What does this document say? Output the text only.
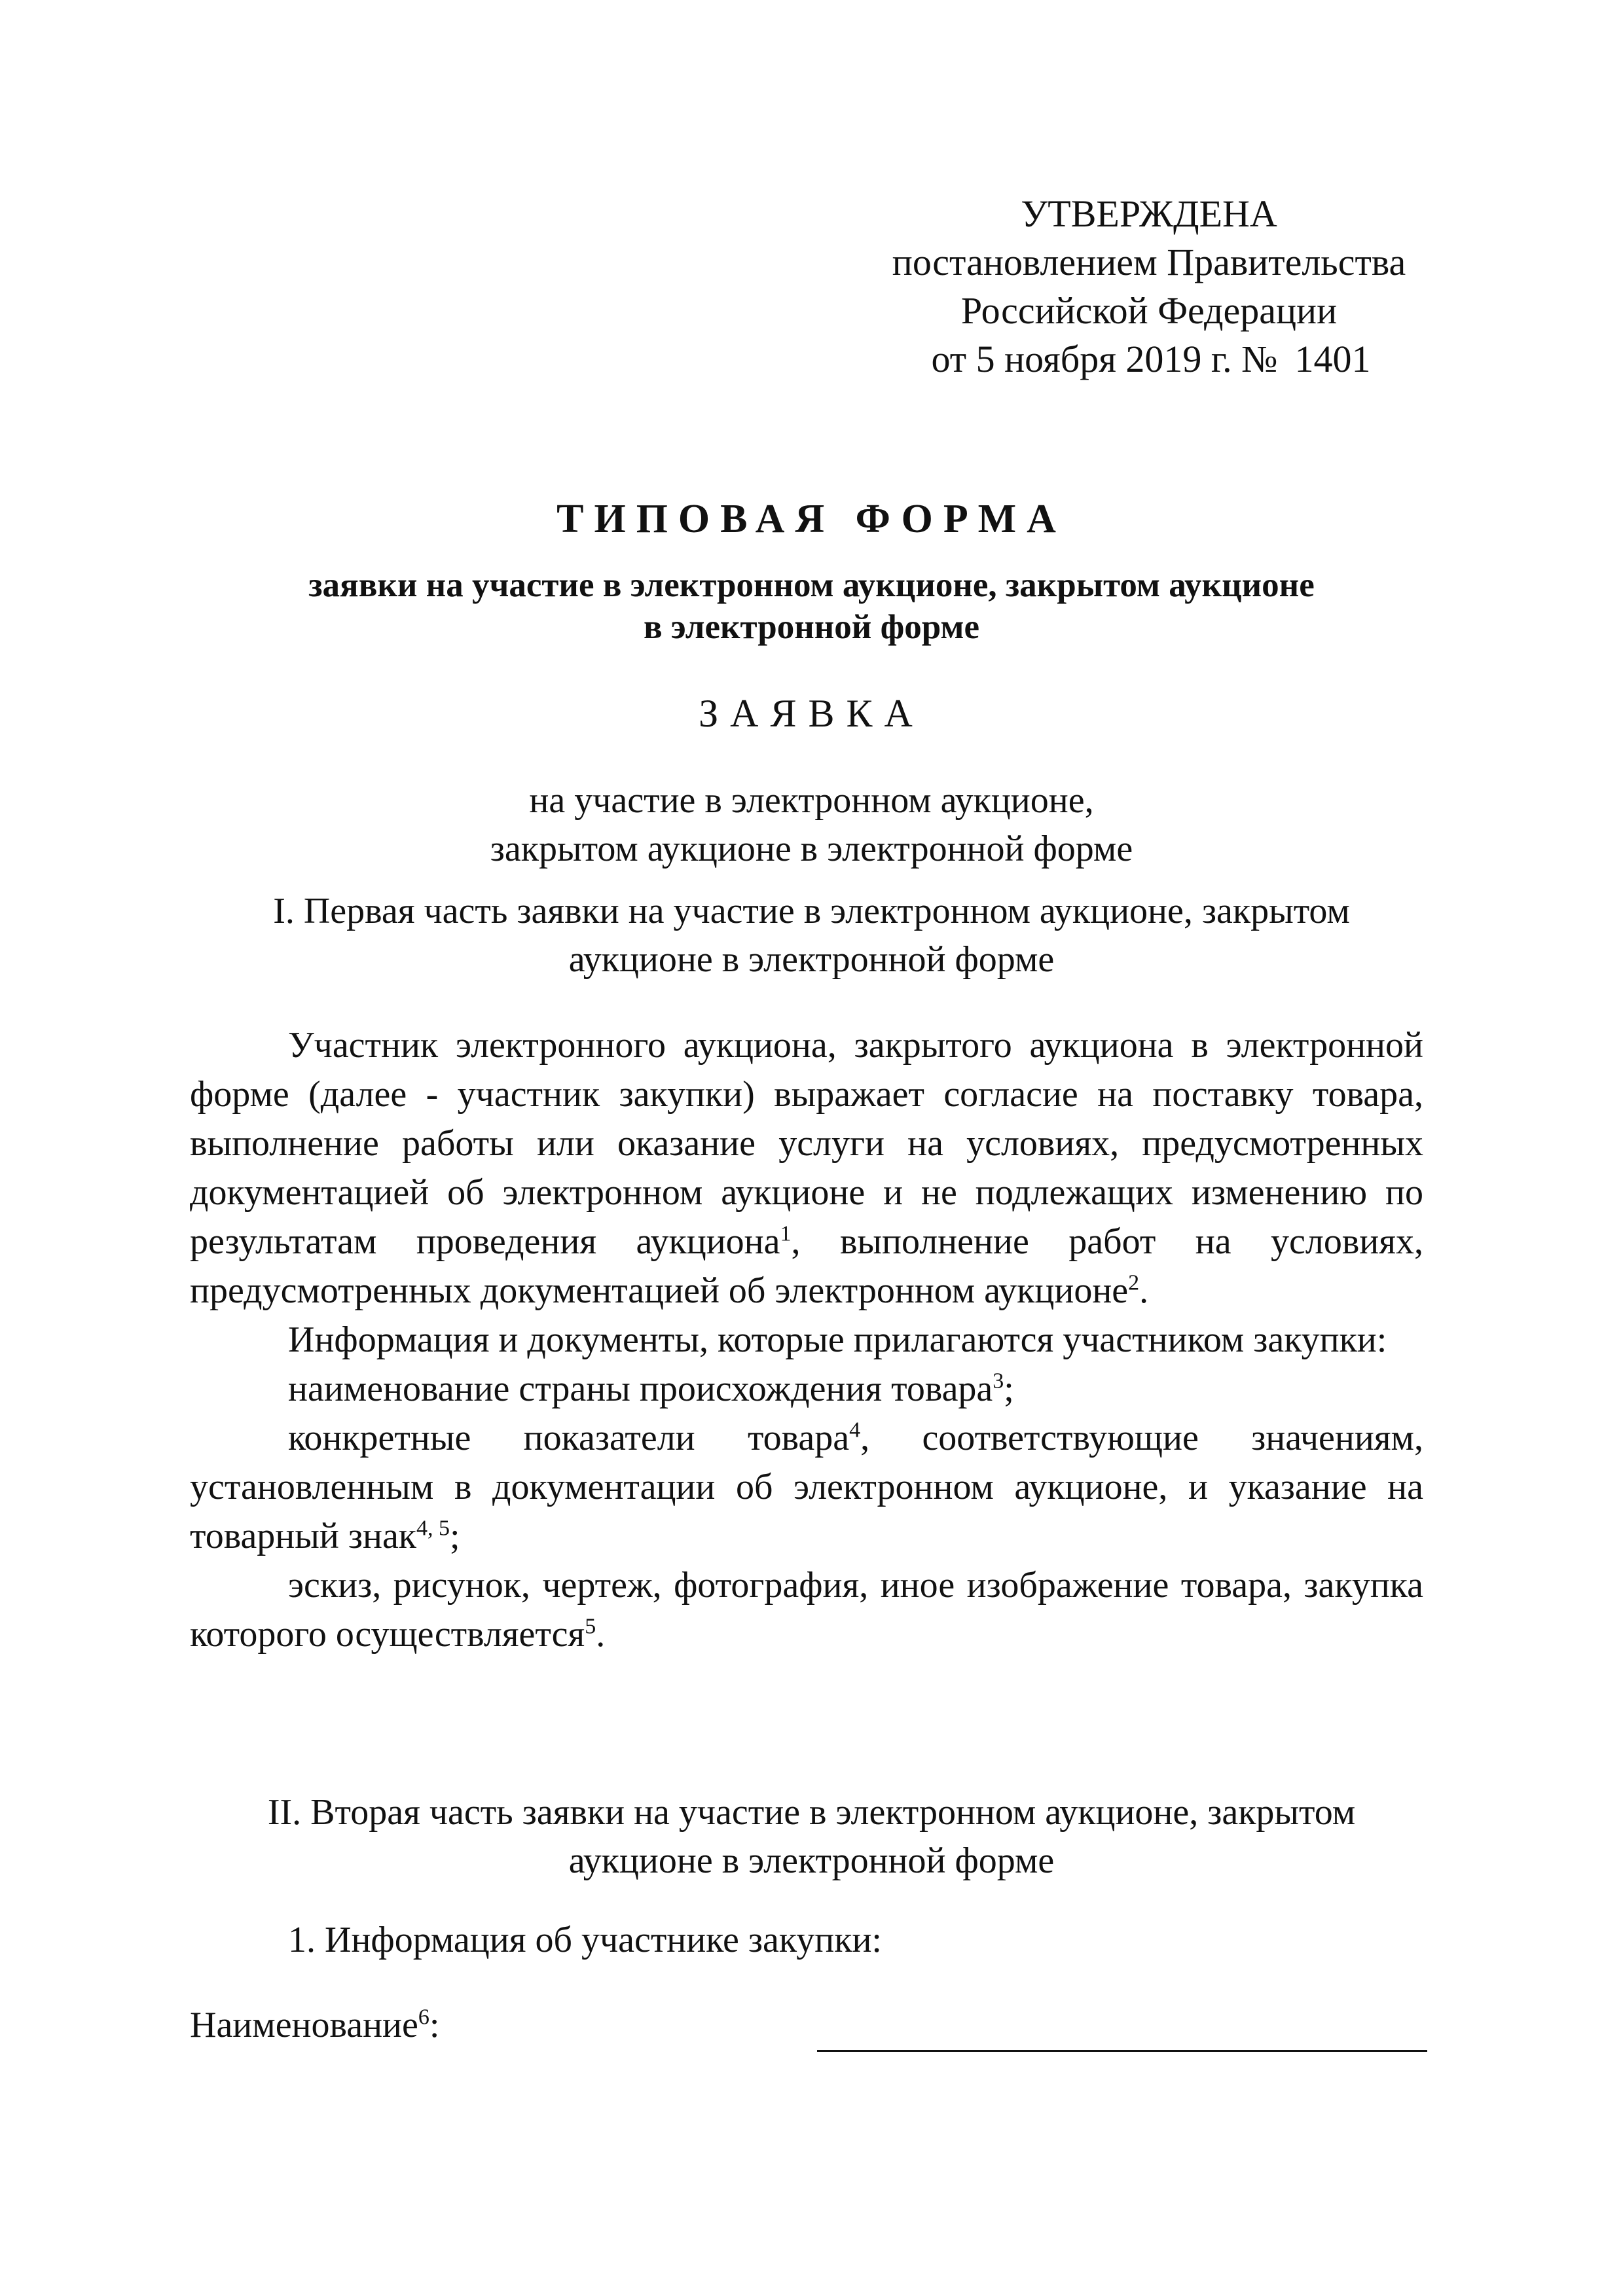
УТВЕРЖДЕНА
постановлением Правительства
Российской Федерации
от 5 ноября 2019 г. № 1401
ТИПОВАЯ ФОРМА
заявки на участие в электронном аукционе, закрытом аукционе
в электронной форме
ЗАЯВКА
на участие в электронном аукционе,
закрытом аукционе в электронной форме
I. Первая часть заявки на участие в электронном аукционе, закрытом
аукционе в электронной форме

Участник электронного аукциона, закрытого аукциона в электронной форме (далее - участник закупки) выражает согласие на поставку товара, выполнение работы или оказание услуги на условиях, предусмотренных документацией об электронном аукционе и не подлежащих изменению по результатам проведения аукциона$^1$, выполнение работ на условиях, предусмотренных документацией об электронном аукционе$^2$.

Информация и документы, которые прилагаются участником закупки:

наименование страны происхождения товара$^3$;

конкретные показатели товара$^4$, соответствующие значениям, установленным в документации об электронном аукционе, и указание на товарный знак$^{4, 5}$;

эскиз, рисунок, чертеж, фотография, иное изображение товара, закупка которого осуществляется$^5$.

II. Вторая часть заявки на участие в электронном аукционе, закрытом
аукционе в электронной форме
1. Информация об участнике закупки:
Наименование$^6$:
